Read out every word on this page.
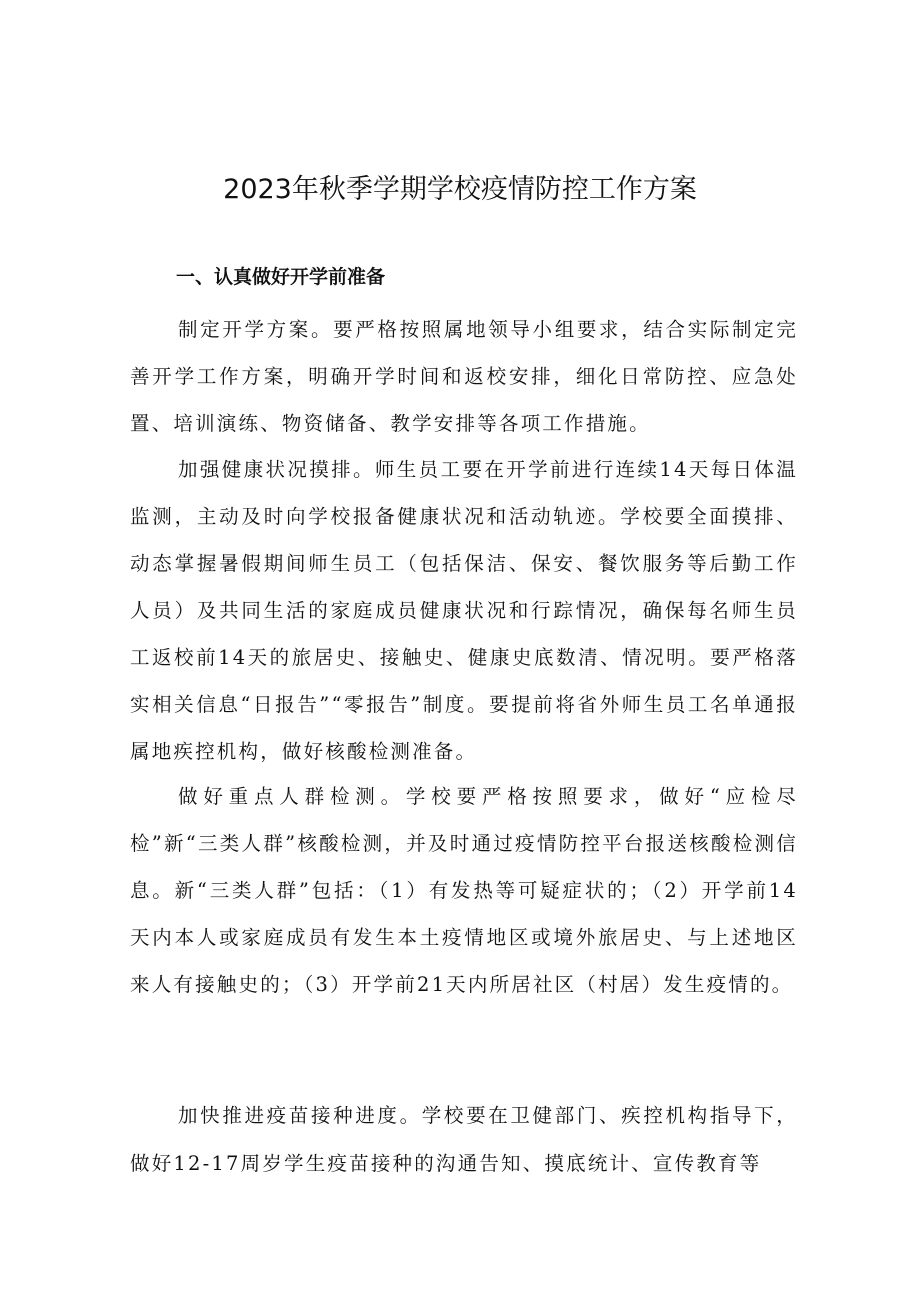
2023年秋季学期学校疫情防控工作方案
一、认真做好开学前准备

制定开学方案。要严格按照属地领导小组要求，结合实际制定完善开学工作方案，明确开学时间和返校安排，细化日常防控、应急处置、培训演练、物资储备、教学安排等各项工作措施。

加强健康状况摸排。师生员工要在开学前进行连续14天每日体温监测，主动及时向学校报备健康状况和活动轨迹。学校要全面摸排、动态掌握暑假期间师生员工（包括保洁、保安、餐饮服务等后勤工作人员）及共同生活的家庭成员健康状况和行踪情况，确保每名师生员工返校前14天的旅居史、接触史、健康史底数清、情况明。要严格落实相关信息“日报告”“零报告”制度。要提前将省外师生员工名单通报属地疾控机构，做好核酸检测准备。

做好重点人群检测。学校要严格按照要求，做好“应检尽检”新“三类人群”核酸检测，并及时通过疫情防控平台报送核酸检测信息。新“三类人群”包括：（1）有发热等可疑症状的；（2）开学前14天内本人或家庭成员有发生本土疫情地区或境外旅居史、与上述地区来人有接触史的；（3）开学前21天内所居社区（村居）发生疫情的。

加快推进疫苗接种进度。学校要在卫健部门、疾控机构指导下，做好12-17周岁学生疫苗接种的沟通告知、摸底统计、宣传教育等
